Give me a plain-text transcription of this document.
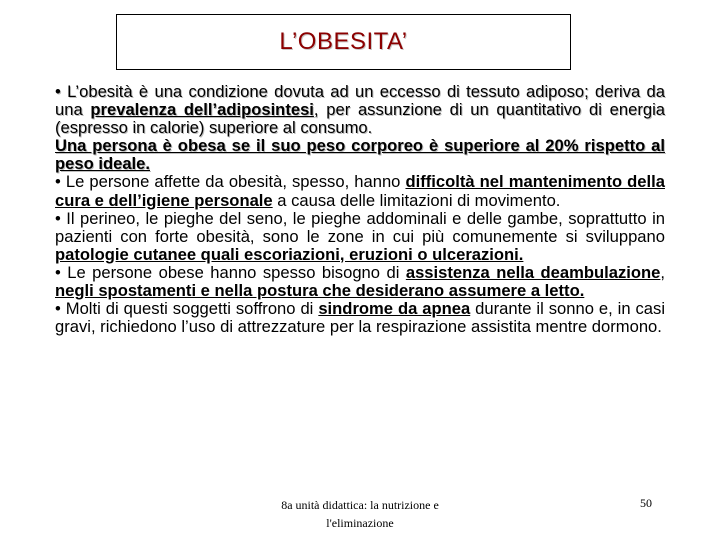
L’OBESITA’

• L’obesità è una condizione dovuta ad un eccesso di tessuto adiposo; deriva da una prevalenza dell’adiposintesi, per assunzione di un quantitativo di energia (espresso in calorie) superiore al consumo.

Una persona è obesa se il suo peso corporeo è superiore al 20% rispetto al peso ideale.

• Le persone affette da obesità, spesso, hanno difficoltà nel mantenimento della cura e dell’igiene personale a causa delle limitazioni di movimento.

• Il perineo, le pieghe del seno, le pieghe addominali e delle gambe, soprattutto in pazienti con forte obesità, sono le zone in cui più comunemente si sviluppano patologie cutanee quali escoriazioni, eruzioni o ulcerazioni.

• Le persone obese hanno spesso bisogno di assistenza nella deambulazione, negli spostamenti e nella postura che desiderano assumere a letto.

• Molti di questi soggetti soffrono di sindrome da apnea durante il sonno e, in casi gravi, richiedono l’uso di attrezzature per la respirazione assistita mentre dormono.

8a unità didattica: la nutrizione e
l'eliminazione
50
